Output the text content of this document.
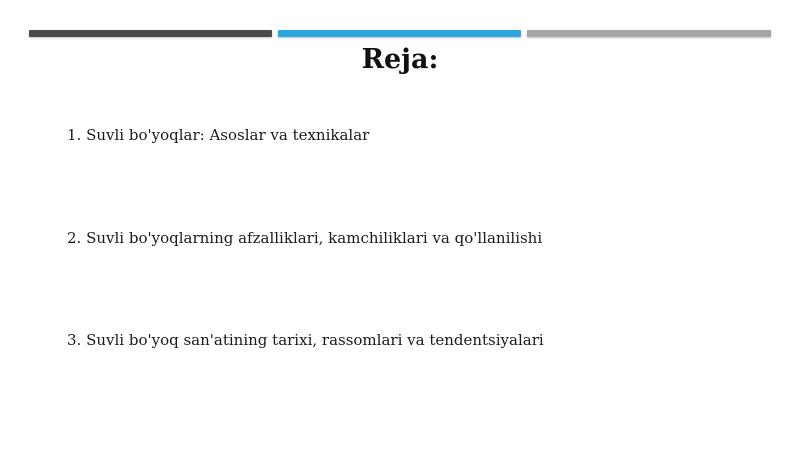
Reja:
1. Suvli bo'yoqlar: Asoslar va texnikalar
2. Suvli bo'yoqlarning afzalliklari, kamchiliklari va qo'llanilishi
3. Suvli bo'yoq san'atining tarixi, rassomlari va tendentsiyalari
